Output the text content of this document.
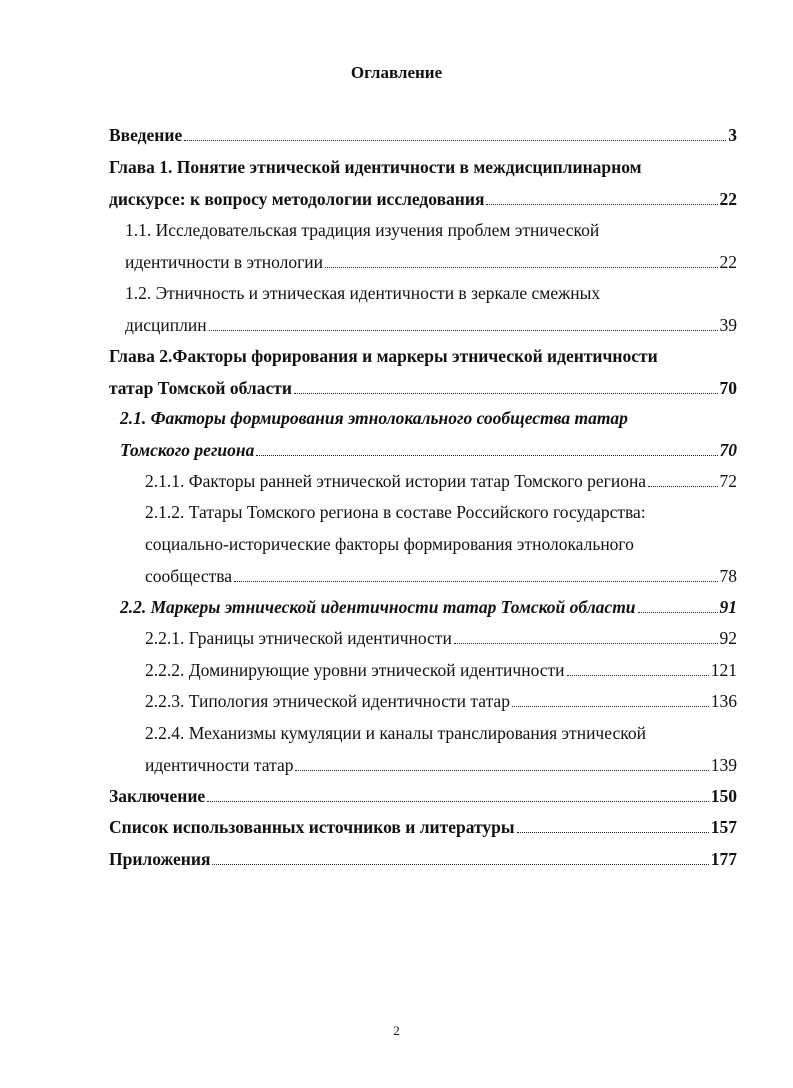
Оглавление
Введение	3
Глава 1. Понятие этнической идентичности в междисциплинарном
дискурсе: к вопросу методологии исследования	22
1.1. Исследовательская традиция изучения проблем этнической
идентичности в этнологии	22
1.2. Этничность и этническая идентичности в зеркале смежных
дисциплин	39
Глава 2.Факторы форирования и маркеры этнической идентичности
татар Томской области	70
2.1. Факторы формирования этнолокального сообщества татар
Томского региона	70
2.1.1. Факторы ранней этнической истории татар Томского региона	72
2.1.2. Татары Томского региона в составе Российского государства:
социально-исторические факторы формирования этнолокального
сообщества	78
2.2. Маркеры этнической идентичности татар Томской области	91
2.2.1. Границы этнической идентичности	92
2.2.2. Доминирующие уровни этнической идентичности	121
2.2.3. Типология этнической идентичности татар	136
2.2.4. Механизмы кумуляции и каналы транслирования этнической
идентичности татар	139
Заключение	150
Список использованных источников и литературы	157
Приложения	177
2
